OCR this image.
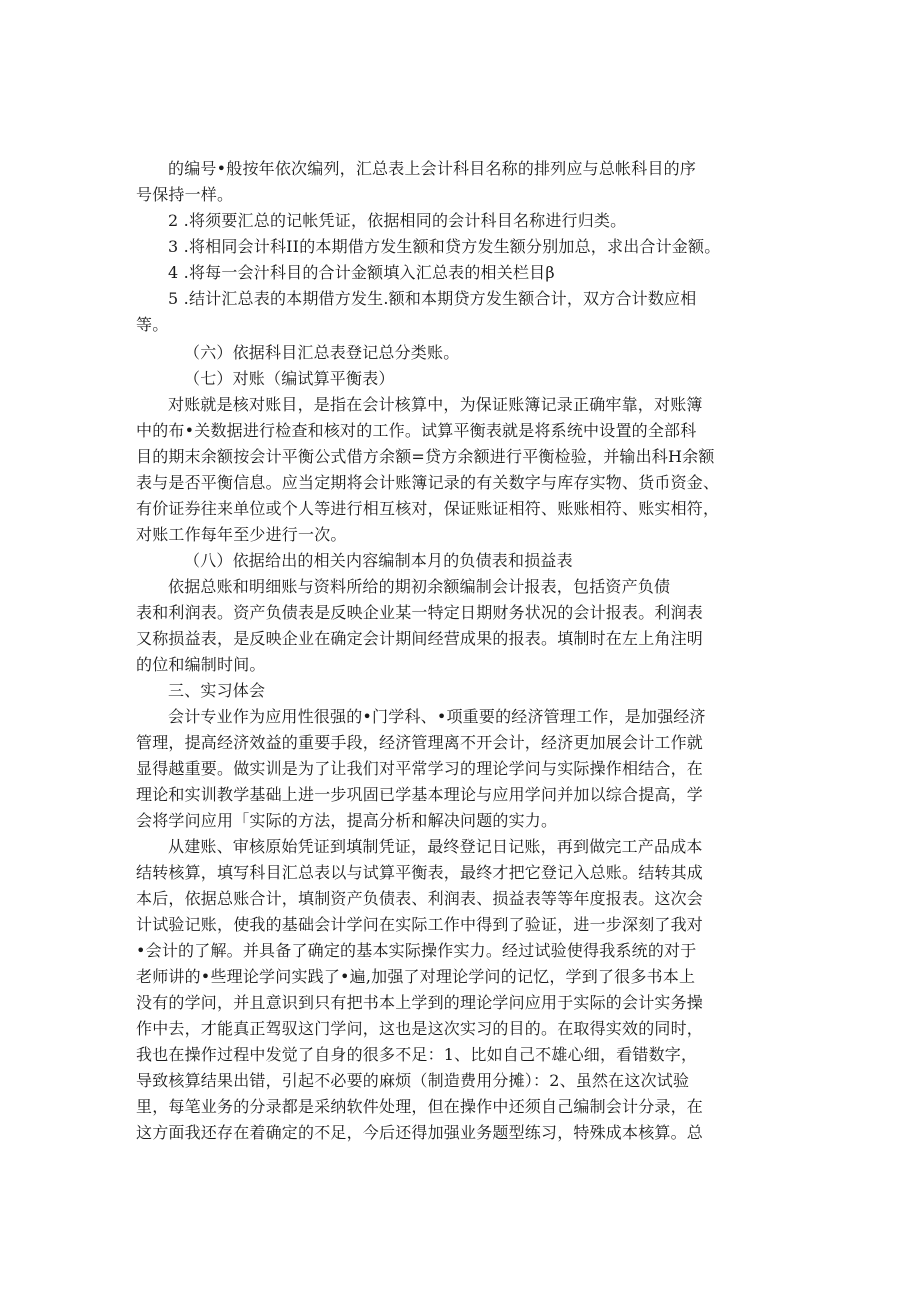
的编号•般按年依次编列，汇总表上会计科目名称的排列应与总帐科目的序
号保持一样。
2 .将须要汇总的记帐凭证，依据相同的会计科目名称进行归类。
3 .将相同会计科II的本期借方发生额和贷方发生额分别加总，求出合计金额。
4 .将每一会汁科目的合计金额填入汇总表的相关栏目β
5 .结计汇总表的本期借方发生.额和本期贷方发生额合计，双方合计数应相
等。
（六）依据科目汇总表登记总分类账。
（七）对账（编试算平衡表）
对账就是核对账目，是指在会计核算中，为保证账簿记录正确牢靠，对账簿
中的布•关数据进行检查和核对的工作。试算平衡表就是将系统中设置的全部科
目的期末余额按会计平衡公式借方余额=贷方余额进行平衡检验，并输出科H余额
表与是否平衡信息。应当定期将会计账簿记录的有关数字与库存实物、货币资金、
有价证券往来单位或个人等进行相互核对，保证账证相符、账账相符、账实相符，
对账工作每年至少进行一次。
（八）依据给出的相关内容编制本月的负债表和损益表
依据总账和明细账与资料所给的期初余额编制会计报表，包括资产负债
表和利润表。资产负债表是反映企业某一特定日期财务状况的会计报表。利润表
又称损益表，是反映企业在确定会计期间经营成果的报表。填制时在左上角注明
的位和编制时间。
三、实习体会
会计专业作为应用性很强的•门学科、•项重要的经济管理工作，是加强经济
管理，提高经济效益的重要手段，经济管理离不开会计，经济更加展会计工作就
显得越重要。做实训是为了让我们对平常学习的理论学问与实际操作相结合，在
理论和实训教学基础上进一步巩固已学基本理论与应用学问并加以综合提高，学
会将学问应用「实际的方法，提高分析和解决问题的实力。
从建账、审核原始凭证到填制凭证，最终登记日记账，再到做完工产品成本
结转核算，填写科目汇总表以与试算平衡表，最终才把它登记入总账。结转其成
本后，依据总账合计，填制资产负债表、利润表、损益表等等年度报表。这次会
计试验记账，使我的基础会计学问在实际工作中得到了验证，进一步深刻了我对
•会计的了解。并具备了确定的基本实际操作实力。经过试验使得我系统的对于
老师讲的•些理论学问实践了•遍,加强了对理论学问的记忆，学到了很多书本上
没有的学问，并且意识到只有把书本上学到的理论学问应用于实际的会计实务操
作中去，才能真正驾驭这门学问，这也是这次实习的目的。在取得实效的同时，
我也在操作过程中发觉了自身的很多不足：1、比如自己不雄心细，看错数字，
导致核算结果出错，引起不必要的麻烦（制造费用分摊）：2、虽然在这次试验
里，每笔业务的分录都是采纳软件处理，但在操作中还须自己编制会计分录，在
这方面我还存在着确定的不足，今后还得加强业务题型练习，特殊成本核算。总
